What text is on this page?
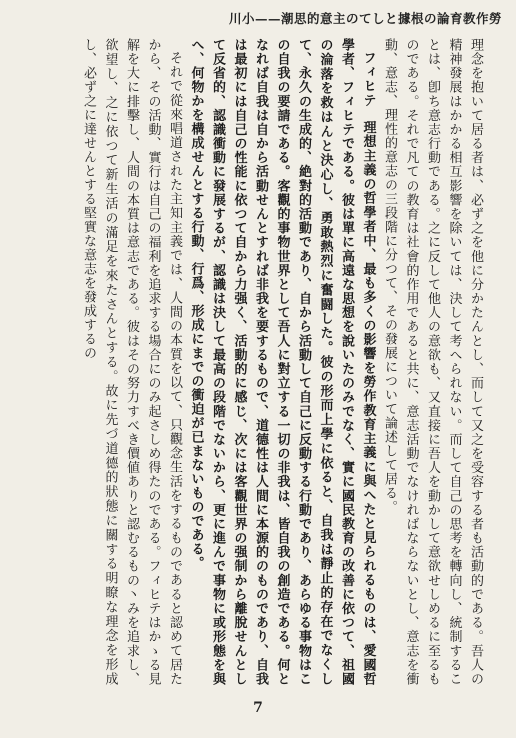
勞作教育論の根據としての主意的思潮——小川

理念を抱いて居る者は、必ず之を他に分かたんとし、而して又之を受容する者も活動的である。吾人の精神發展はかかる相互影響を除いては、決して考へられない。而して自己の思考を轉向し、統制することは、卽ち意志行動である。之に反して他人の意欲も、又直接に吾人を動かして意欲せしめるに至るものである。それで凡ての教育は社會的作用であると共に、意志活動でなければならないとし、意志を衝動、意志、理性的意志の三段階に分つて、その發展について論述して居る。

フィヒテ理想主義の哲學者中、最も多くの影響を勞作教育主義に與へたと見られるものは、愛國哲學者、フィヒテである。彼は單に高遠な思想を說いたのみでなく、實に國民教育の改善に依つて、祖國の淪落を救はんと決心し、勇敢熱烈に奮闘した。彼の形而上學に依ると、自我は靜止的存在でなくして、永久の生成的、絶對的活動であり、自から活動して自己に反動する行動であり、あらゆる事物はこの自我の要請である。客觀的事物世界として吾人に對立する一切の非我は、皆自我の創造である。何となれば自我は自から活動せんとすれば非我を要するもので、道德性は人間に本源的のものであり、自我は最初には自己の性能に依つて自から力强く、活動的に感じ、次には客觀世界の强制から離脫せんとして反省的、認識衝動に發展するが、認識は決して最高の段階でないから、更に進んで事物に或形態を與へ、何物かを構成せんとする行動、行爲、形成にまでの衝迫が已まないものである。

それで從來唱道された主知主義では、人間の本質を以て、只觀念生活をするものであると認めて居たから、その活動、實行は自己の福利を追求する場合にのみ起さしめ得たのである。フィヒテはかゝる見解を大に排擊し、人間の本質は意志である。彼はその努力すべき價値ありと認むるもの丶みを追求し、欲望し、之に依つて新生活の滿足を來たさんとする。故に先づ道德的狀態に關する明瞭な理念を形成し、必ず之に達せんとする堅實な意志を發成するの

7
